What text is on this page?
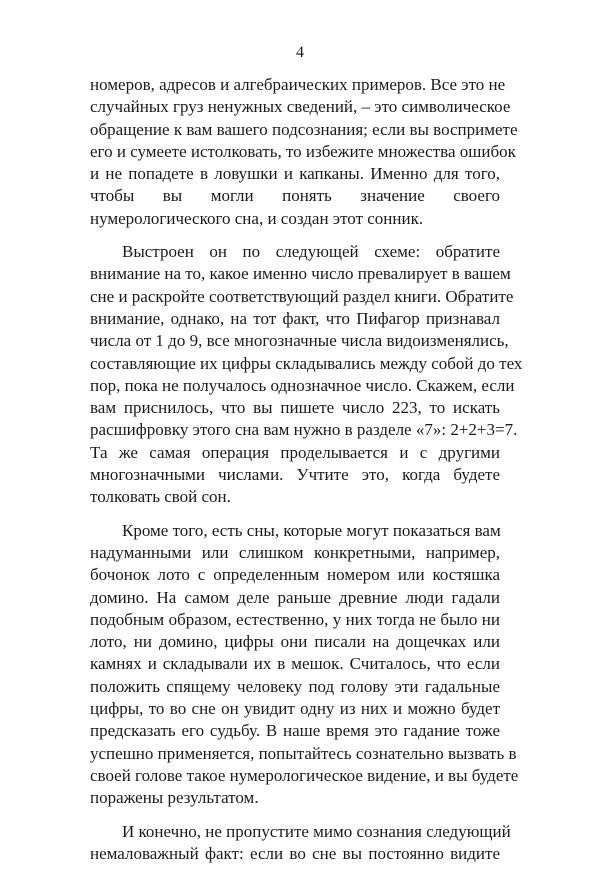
4

номеров, адресов и алгебраических примеров. Все это не
случайных груз ненужных сведений, – это символическое
обращение к вам вашего подсознания; если вы воспримете
его и сумеете истолковать, то избежите множества ошибок
и не попадете в ловушки и капканы. Именно для того,
чтобы вы могли понять значение своего
нумерологического сна, и создан этот сонник.

Выстроен он по следующей схеме: обратите
внимание на то, какое именно число превалирует в вашем
сне и раскройте соответствующий раздел книги. Обратите
внимание, однако, на тот факт, что Пифагор признавал
числа от 1 до 9, все многозначные числа видоизменялись,
составляющие их цифры складывались между собой до тех
пор, пока не получалось однозначное число. Скажем, если
вам приснилось, что вы пишете число 223, то искать
расшифровку этого сна вам нужно в разделе «7»: 2+2+3=7.
Та же самая операция проделывается и с другими
многозначными числами. Учтите это, когда будете
толковать свой сон.

Кроме того, есть сны, которые могут показаться вам
надуманными или слишком конкретными, например,
бочонок лото с определенным номером или костяшка
домино. На самом деле раньше древние люди гадали
подобным образом, естественно, у них тогда не было ни
лото, ни домино, цифры они писали на дощечках или
камнях и складывали их в мешок. Считалось, что если
положить спящему человеку под голову эти гадальные
цифры, то во сне он увидит одну из них и можно будет
предсказать его судьбу. В наше время это гадание тоже
успешно применяется, попытайтесь сознательно вызвать в
своей голове такое нумерологическое видение, и вы будете
поражены результатом.

И конечно, не пропустите мимо сознания следующий
немаловажный факт: если во сне вы постоянно видите
